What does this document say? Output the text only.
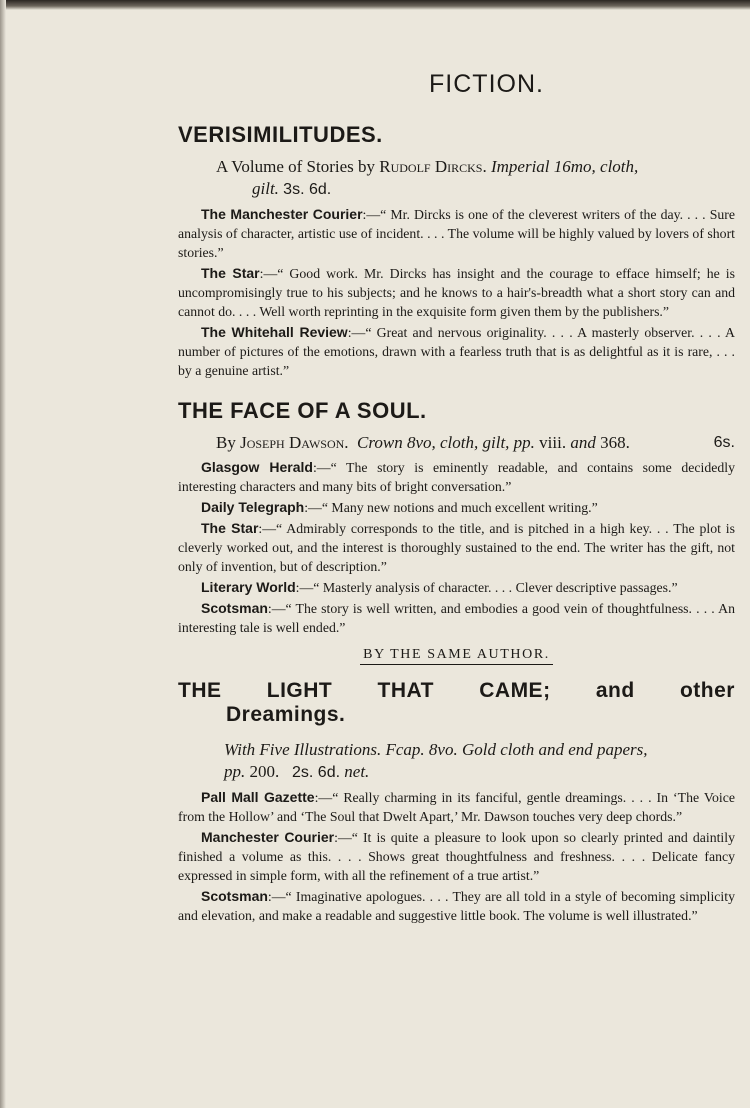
FICTION.
VERISIMILITUDES.
A Volume of Stories by Rudolf Dircks. Imperial 16mo, cloth,
gilt. 3s. 6d.

The Manchester Courier:—“ Mr. Dircks is one of the cleverest writers of the day. . . . Sure analysis of character, artistic use of incident. . . . The volume will be highly valued by lovers of short stories.”

The Star:—“ Good work. Mr. Dircks has insight and the courage to efface himself; he is uncompromisingly true to his subjects; and he knows to a hair's-breadth what a short story can and cannot do. . . . Well worth reprinting in the exquisite form given them by the publishers.”

The Whitehall Review:—“ Great and nervous originality. . . . A masterly observer. . . . A number of pictures of the emotions, drawn with a fearless truth that is as delightful as it is rare, . . . by a genuine artist.”

THE FACE OF A SOUL.
By Joseph Dawson. Crown 8vo, cloth, gilt, pp. viii. and 368.	6s.

Glasgow Herald:—“ The story is eminently readable, and contains some decidedly interesting characters and many bits of bright conversation.”

Daily Telegraph:—“ Many new notions and much excellent writing.”

The Star:—“ Admirably corresponds to the title, and is pitched in a high key. . . The plot is cleverly worked out, and the interest is thoroughly sustained to the end. The writer has the gift, not only of invention, but of description.”

Literary World:—“ Masterly analysis of character. . . . Clever descriptive passages.”

Scotsman:—“ The story is well written, and embodies a good vein of thoughtfulness. . . . An interesting tale is well ended.”

BY THE SAME AUTHOR.
THE LIGHT THAT CAME; and other
Dreamings.
With Five Illustrations. Fcap. 8vo. Gold cloth and end papers,
pp. 200. 2s. 6d. net.

Pall Mall Gazette:—“ Really charming in its fanciful, gentle dreamings. . . . In ‘The Voice from the Hollow’ and ‘The Soul that Dwelt Apart,’ Mr. Dawson touches very deep chords.”

Manchester Courier:—“ It is quite a pleasure to look upon so clearly printed and daintily finished a volume as this. . . . Shows great thoughtfulness and freshness. . . . Delicate fancy expressed in simple form, with all the refinement of a true artist.”

Scotsman:—“ Imaginative apologues. . . . They are all told in a style of becoming simplicity and elevation, and make a readable and suggestive little book. The volume is well illustrated.”
